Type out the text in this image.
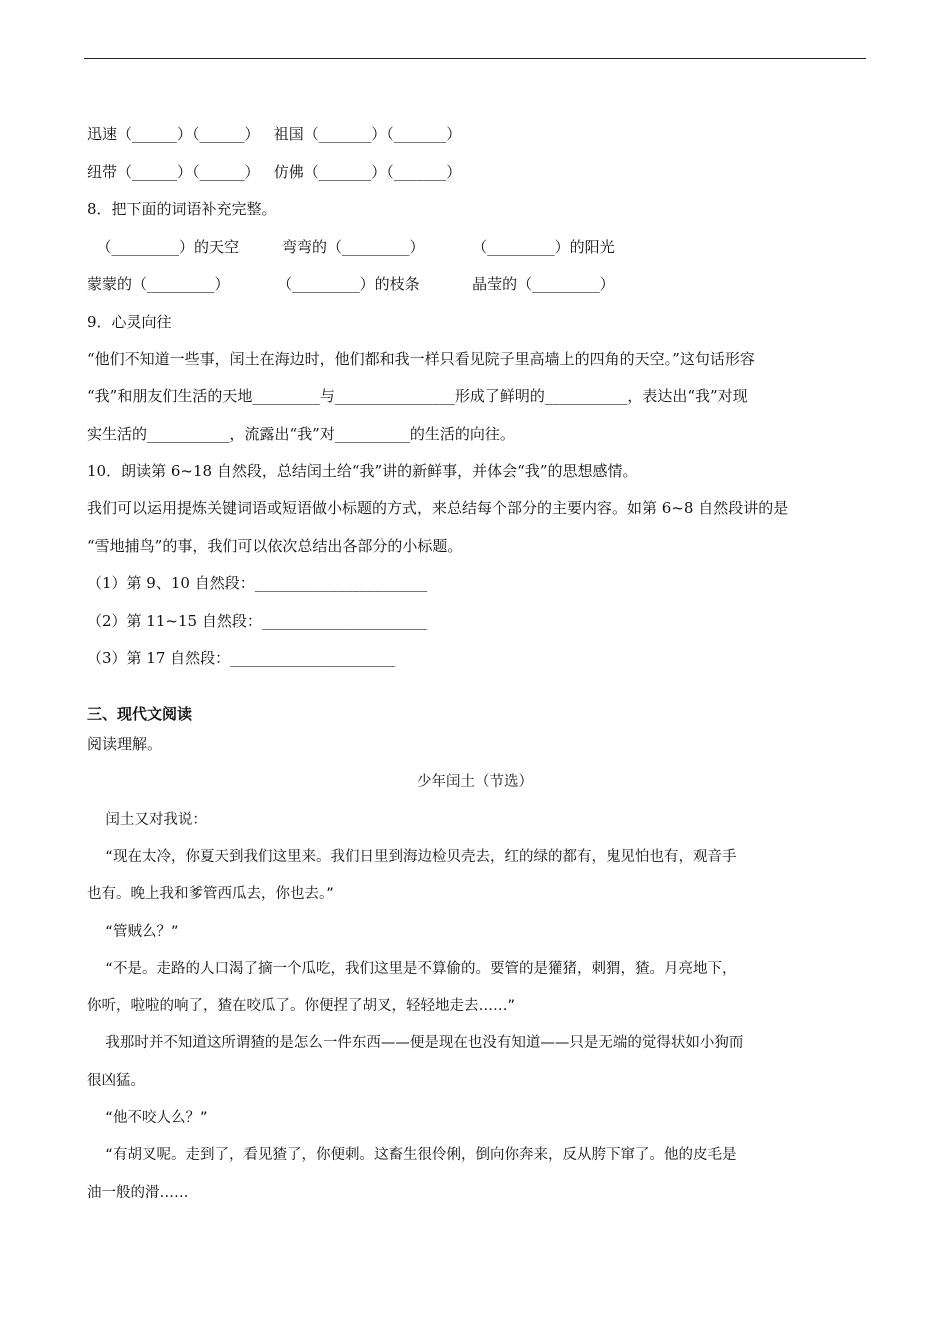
迅速（______）（______）   祖国（_______）（_______）
纽带（______）（______）   仿佛（_______）（_______）
8．把下面的词语补充完整。
（_________）的天空         弯弯的（_________）          （_________）的阳光
蒙蒙的（_________）          （_________）的枝条           晶莹的（_________）
9．心灵向往
“他们不知道一些事，闰土在海边时，他们都和我一样只看见院子里高墙上的四角的天空。”这句话形容
“我”和朋友们生活的天地_________与________________形成了鲜明的___________，表达出“我”对现
实生活的___________，流露出“我”对__________的生活的向往。
10．朗读第 6~18 自然段，总结闰土给“我”讲的新鲜事，并体会“我”的思想感情。
我们可以运用提炼关键词语或短语做小标题的方式，来总结每个部分的主要内容。如第 6~8 自然段讲的是
“雪地捕鸟”的事，我们可以依次总结出各部分的小标题。
（1）第 9、10 自然段：_______________________
（2）第 11~15 自然段：______________________
（3）第 17 自然段：______________________
三、现代文阅读
阅读理解。
少年闰土（节选）
闰土又对我说：
“现在太冷，你夏天到我们这里来。我们日里到海边检贝壳去，红的绿的都有，鬼见怕也有，观音手
也有。晚上我和爹管西瓜去，你也去。”
“管贼么？”
“不是。走路的人口渴了摘一个瓜吃，我们这里是不算偷的。要管的是獾猪，刺猬，猹。月亮地下，
你听，啦啦的响了，猹在咬瓜了。你便捏了胡叉，轻轻地走去……”
我那时并不知道这所谓猹的是怎么一件东西——便是现在也没有知道——只是无端的觉得状如小狗而
很凶猛。
“他不咬人么？”
“有胡叉呢。走到了，看见猹了，你便刺。这畜生很伶俐，倒向你奔来，反从胯下窜了。他的皮毛是
油一般的滑……
